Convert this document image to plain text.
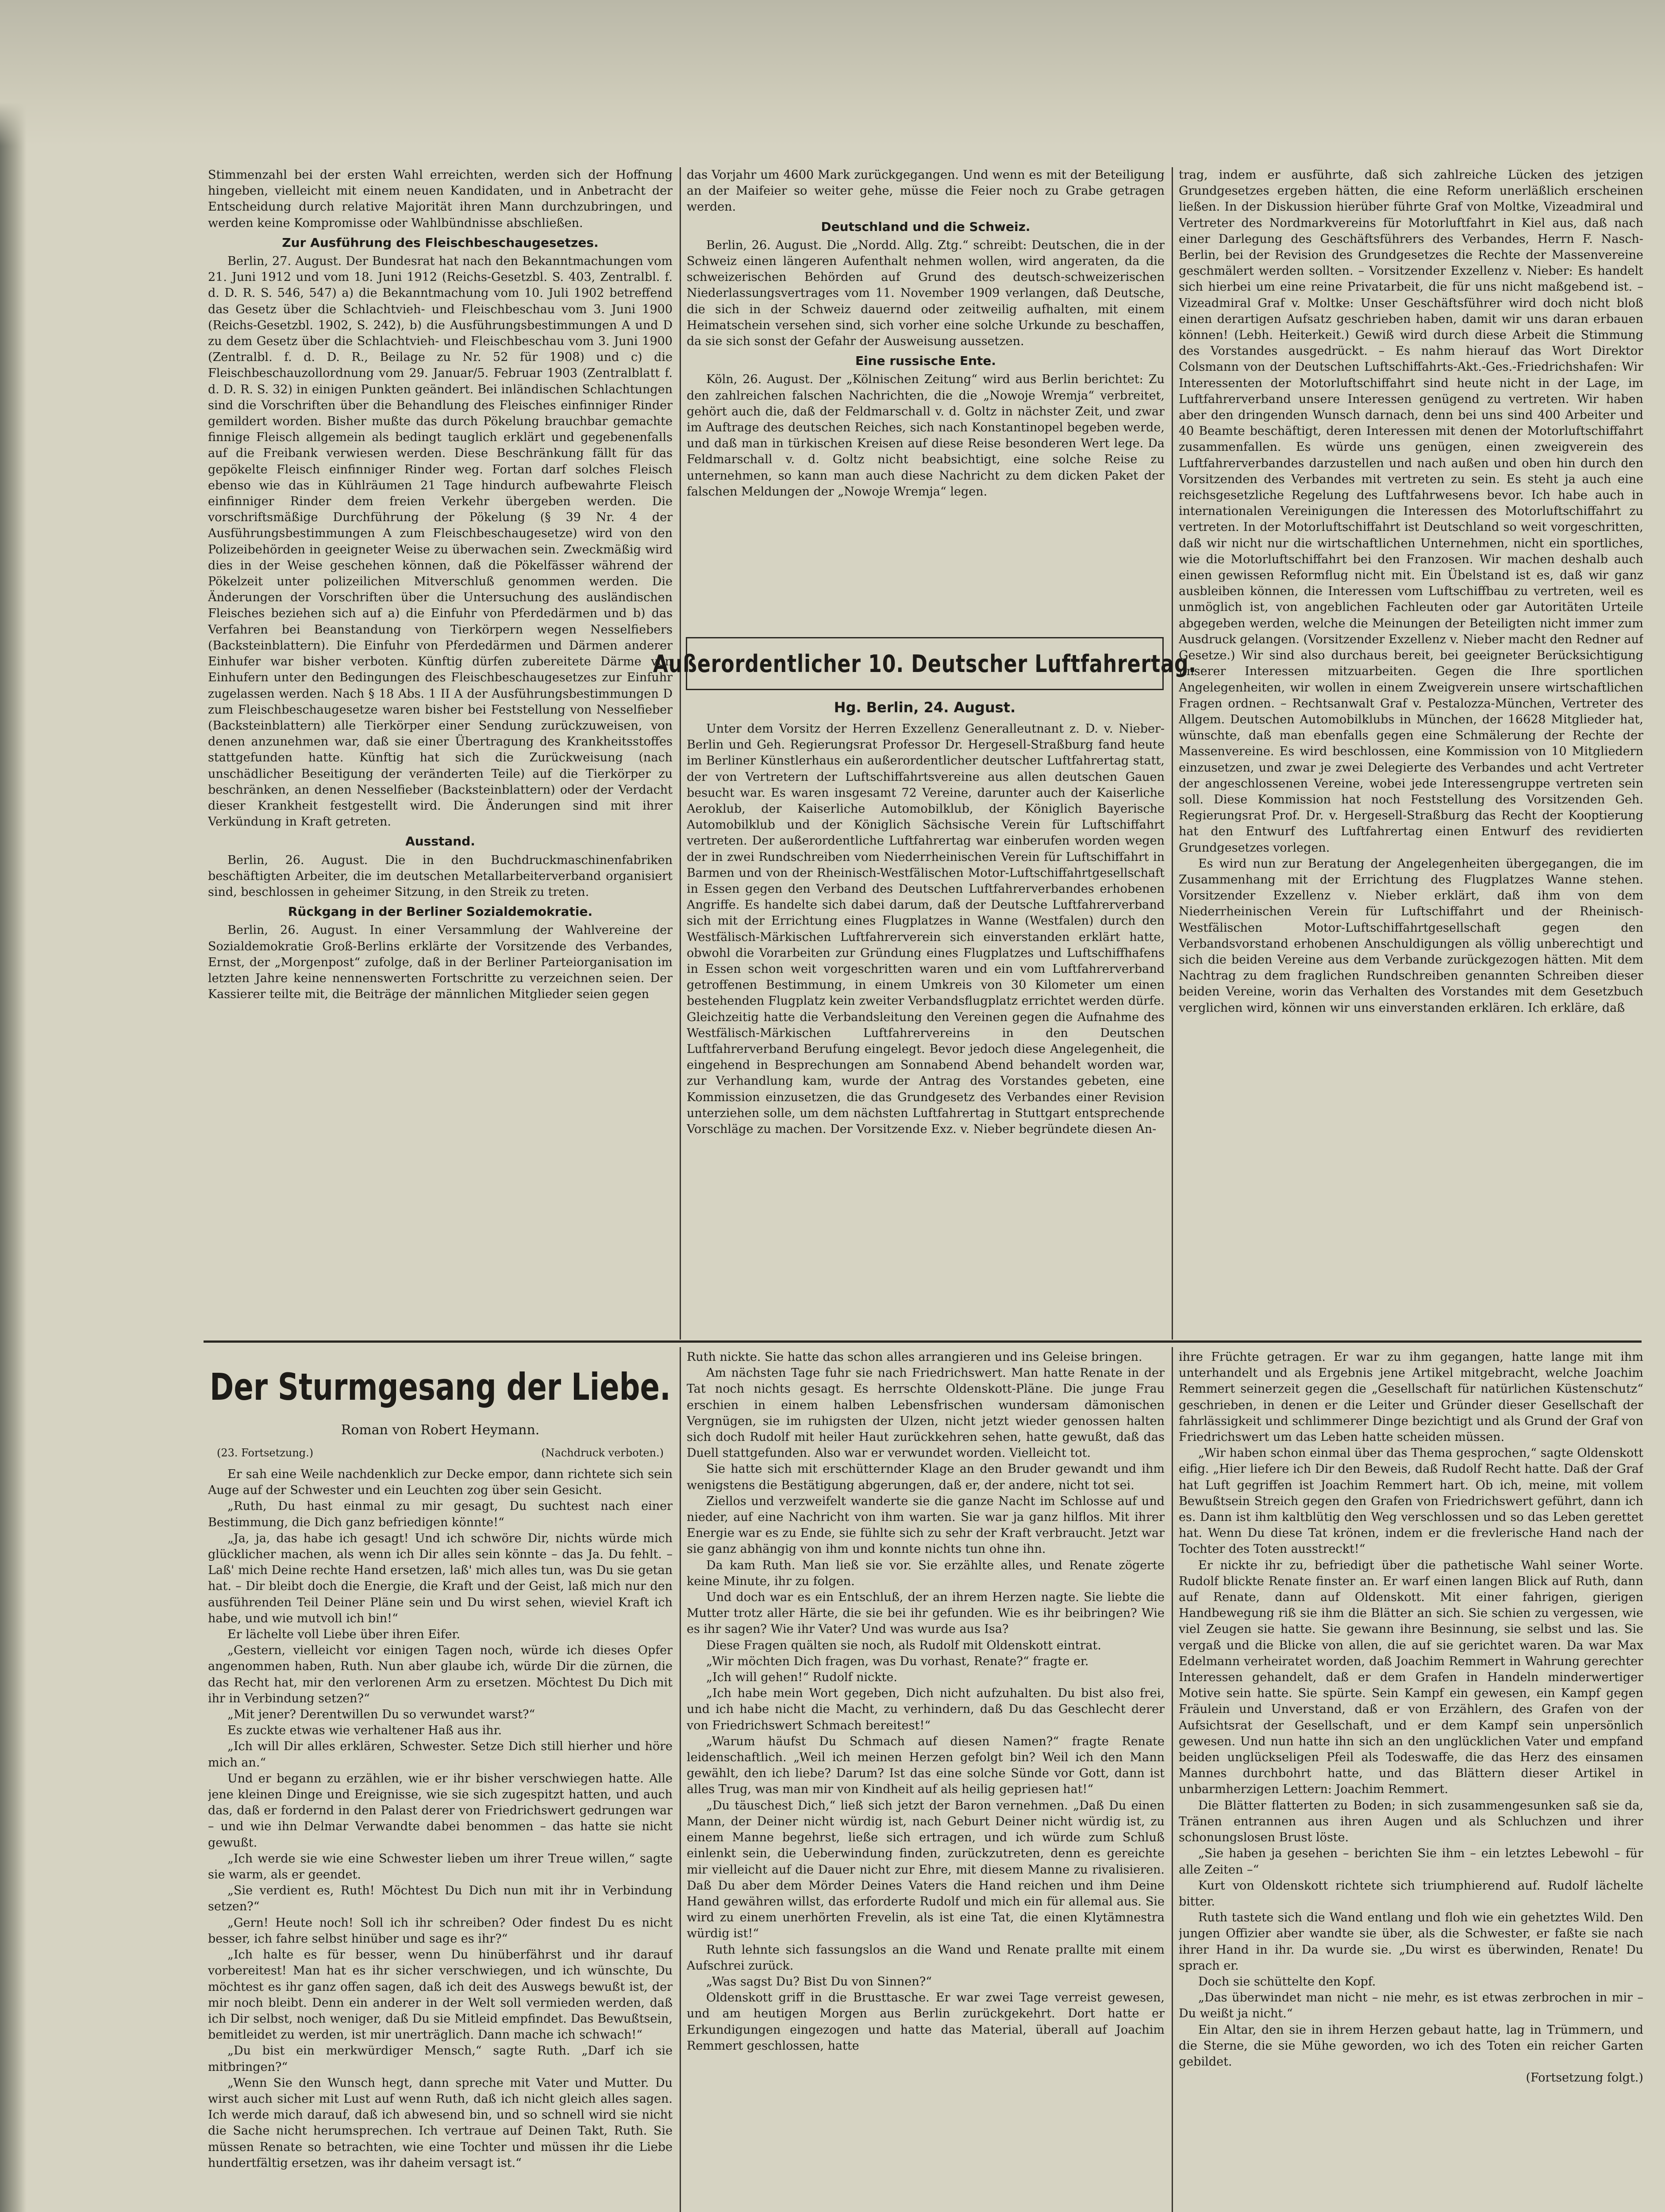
Stimmenzahl bei der ersten Wahl erreichten, werden sich der Hoffnung hingeben, vielleicht mit einem neuen Kandidaten, und in Anbetracht der Entscheidung durch relative Majorität ihren Mann durchzubringen, und werden keine Kompromisse oder Wahlbündnisse abschließen.

Zur Ausführung des Fleischbeschaugesetzes.

Berlin, 27. August. Der Bundesrat hat nach den Bekanntmachungen vom 21. Juni 1912 und vom 18. Juni 1912 (Reichs-Gesetzbl. S. 403, Zentralbl. f. d. D. R. S. 546, 547) a) die Bekanntmachung vom 10. Juli 1902 betreffend das Gesetz über die Schlachtvieh- und Fleischbeschau vom 3. Juni 1900 (Reichs-Gesetzbl. 1902, S. 242), b) die Ausführungsbestimmungen A und D zu dem Gesetz über die Schlachtvieh- und Fleischbeschau vom 3. Juni 1900 (Zentralbl. f. d. D. R., Beilage zu Nr. 52 für 1908) und c) die Fleischbeschauzollordnung vom 29. Januar/5. Februar 1903 (Zentralblatt f. d. D. R. S. 32) in einigen Punkten geändert. Bei inländischen Schlachtungen sind die Vorschriften über die Behandlung des Fleisches einfinniger Rinder gemildert worden. Bisher mußte das durch Pökelung brauchbar gemachte finnige Fleisch allgemein als bedingt tauglich erklärt und gegebenenfalls auf die Freibank verwiesen werden. Diese Beschränkung fällt für das gepökelte Fleisch einfinniger Rinder weg. Fortan darf solches Fleisch ebenso wie das in Kühlräumen 21 Tage hindurch aufbewahrte Fleisch einfinniger Rinder dem freien Verkehr übergeben werden. Die vorschriftsmäßige Durchführung der Pökelung (§ 39 Nr. 4 der Ausführungsbestimmungen A zum Fleischbeschaugesetze) wird von den Polizeibehörden in geeigneter Weise zu überwachen sein. Zweckmäßig wird dies in der Weise geschehen können, daß die Pökelfässer während der Pökelzeit unter polizeilichen Mitverschluß genommen werden. Die Änderungen der Vorschriften über die Untersuchung des ausländischen Fleisches beziehen sich auf a) die Einfuhr von Pferdedärmen und b) das Verfahren bei Beanstandung von Tierkörpern wegen Nesselfiebers (Backsteinblattern). Die Einfuhr von Pferdedärmen und Därmen anderer Einhufer war bisher verboten. Künftig dürfen zubereitete Därme von Einhufern unter den Bedingungen des Fleischbeschaugesetzes zur Einfuhr zugelassen werden. Nach § 18 Abs. 1 II A der Ausführungsbestimmungen D zum Fleischbeschaugesetze waren bisher bei Feststellung von Nesselfieber (Backsteinblattern) alle Tierkörper einer Sendung zurückzuweisen, von denen anzunehmen war, daß sie einer Übertragung des Krankheitsstoffes stattgefunden hatte. Künftig hat sich die Zurückweisung (nach unschädlicher Beseitigung der veränderten Teile) auf die Tierkörper zu beschränken, an denen Nesselfieber (Backsteinblattern) oder der Verdacht dieser Krankheit festgestellt wird. Die Änderungen sind mit ihrer Verkündung in Kraft getreten.

Ausstand.

Berlin, 26. August. Die in den Buchdruckmaschinenfabriken beschäftigten Arbeiter, die im deutschen Metallarbeiterverband organisiert sind, beschlossen in geheimer Sitzung, in den Streik zu treten.

Rückgang in der Berliner Sozialdemokratie.

Berlin, 26. August. In einer Versammlung der Wahlvereine der Sozialdemokratie Groß-Berlins erklärte der Vorsitzende des Verbandes, Ernst, der „Morgenpost“ zufolge, daß in der Berliner Parteiorganisation im letzten Jahre keine nennenswerten Fortschritte zu verzeichnen seien. Der Kassierer teilte mit, die Beiträge der männlichen Mitglieder seien gegen

das Vorjahr um 4600 Mark zurückgegangen. Und wenn es mit der Beteiligung an der Maifeier so weiter gehe, müsse die Feier noch zu Grabe getragen werden.

Deutschland und die Schweiz.

Berlin, 26. August. Die „Nordd. Allg. Ztg.“ schreibt: Deutschen, die in der Schweiz einen längeren Aufenthalt nehmen wollen, wird angeraten, da die schweizerischen Behörden auf Grund des deutsch-schweizerischen Niederlassungsvertrages vom 11. November 1909 verlangen, daß Deutsche, die sich in der Schweiz dauernd oder zeitweilig aufhalten, mit einem Heimatschein versehen sind, sich vorher eine solche Urkunde zu beschaffen, da sie sich sonst der Gefahr der Ausweisung aussetzen.

Eine russische Ente.

Köln, 26. August. Der „Kölnischen Zeitung“ wird aus Berlin berichtet: Zu den zahlreichen falschen Nachrichten, die die „Nowoje Wremja“ verbreitet, gehört auch die, daß der Feldmarschall v. d. Goltz in nächster Zeit, und zwar im Auftrage des deutschen Reiches, sich nach Konstantinopel begeben werde, und daß man in türkischen Kreisen auf diese Reise besonderen Wert lege. Da Feldmarschall v. d. Goltz nicht beabsichtigt, eine solche Reise zu unternehmen, so kann man auch diese Nachricht zu dem dicken Paket der falschen Meldungen der „Nowoje Wremja“ legen.

Außerordentlicher 10. Deutscher Luftfahrertag.
Hg. Berlin, 24. August.

Unter dem Vorsitz der Herren Exzellenz Generalleutnant z. D. v. Nieber-Berlin und Geh. Regierungsrat Professor Dr. Hergesell-Straßburg fand heute im Berliner Künstlerhaus ein außerordentlicher deutscher Luftfahrertag statt, der von Vertretern der Luftschiffahrtsvereine aus allen deutschen Gauen besucht war. Es waren insgesamt 72 Vereine, darunter auch der Kaiserliche Aeroklub, der Kaiserliche Automobilklub, der Königlich Bayerische Automobilklub und der Königlich Sächsische Verein für Luftschiffahrt vertreten. Der außerordentliche Luftfahrertag war einberufen worden wegen der in zwei Rundschreiben vom Niederrheinischen Verein für Luftschiffahrt in Barmen und von der Rheinisch-Westfälischen Motor-Luftschiffahrtgesellschaft in Essen gegen den Verband des Deutschen Luftfahrerverbandes erhobenen Angriffe. Es handelte sich dabei darum, daß der Deutsche Luftfahrerverband sich mit der Errichtung eines Flugplatzes in Wanne (Westfalen) durch den Westfälisch-Märkischen Luftfahrerverein sich einverstanden erklärt hatte, obwohl die Vorarbeiten zur Gründung eines Flugplatzes und Luftschiffhafens in Essen schon weit vorgeschritten waren und ein vom Luftfahrerverband getroffenen Bestimmung, in einem Umkreis von 30 Kilometer um einen bestehenden Flugplatz kein zweiter Verbandsflugplatz errichtet werden dürfe. Gleichzeitig hatte die Verbandsleitung den Vereinen gegen die Aufnahme des Westfälisch-Märkischen Luftfahrervereins in den Deutschen Luftfahrerverband Berufung eingelegt. Bevor jedoch diese Angelegenheit, die eingehend in Besprechungen am Sonnabend Abend behandelt worden war, zur Verhandlung kam, wurde der Antrag des Vorstandes gebeten, eine Kommission einzusetzen, die das Grundgesetz des Verbandes einer Revision unterziehen solle, um dem nächsten Luftfahrertag in Stuttgart entsprechende Vorschläge zu machen. Der Vorsitzende Exz. v. Nieber begründete diesen An-

trag, indem er ausführte, daß sich zahlreiche Lücken des jetzigen Grundgesetzes ergeben hätten, die eine Reform unerläßlich erscheinen ließen. In der Diskussion hierüber führte Graf von Moltke, Vizeadmiral und Vertreter des Nordmarkvereins für Motorluftfahrt in Kiel aus, daß nach einer Darlegung des Geschäftsführers des Verbandes, Herrn F. Nasch-Berlin, bei der Revision des Grundgesetzes die Rechte der Massenvereine geschmälert werden sollten. – Vorsitzender Exzellenz v. Nieber: Es handelt sich hierbei um eine reine Privatarbeit, die für uns nicht maßgebend ist. – Vizeadmiral Graf v. Moltke: Unser Geschäftsführer wird doch nicht bloß einen derartigen Aufsatz geschrieben haben, damit wir uns daran erbauen können! (Lebh. Heiterkeit.) Gewiß wird durch diese Arbeit die Stimmung des Vorstandes ausgedrückt. – Es nahm hierauf das Wort Direktor Colsmann von der Deutschen Luftschiffahrts-Akt.-Ges.-Friedrichshafen: Wir Interessenten der Motorluftschiffahrt sind heute nicht in der Lage, im Luftfahrerverband unsere Interessen genügend zu vertreten. Wir haben aber den dringenden Wunsch darnach, denn bei uns sind 400 Arbeiter und 40 Beamte beschäftigt, deren Interessen mit denen der Motorluftschiffahrt zusammenfallen. Es würde uns genügen, einen zweigverein des Luftfahrerverbandes darzustellen und nach außen und oben hin durch den Vorsitzenden des Verbandes mit vertreten zu sein. Es steht ja auch eine reichsgesetzliche Regelung des Luftfahrwesens bevor. Ich habe auch in internationalen Vereinigungen die Interessen des Motorluftschiffahrt zu vertreten. In der Motorluftschiffahrt ist Deutschland so weit vorgeschritten, daß wir nicht nur die wirtschaftlichen Unternehmen, nicht ein sportliches, wie die Motorluftschiffahrt bei den Franzosen. Wir machen deshalb auch einen gewissen Reformflug nicht mit. Ein Übelstand ist es, daß wir ganz ausbleiben können, die Interessen vom Luftschiffbau zu vertreten, weil es unmöglich ist, von angeblichen Fachleuten oder gar Autoritäten Urteile abgegeben werden, welche die Meinungen der Beteiligten nicht immer zum Ausdruck gelangen. (Vorsitzender Exzellenz v. Nieber macht den Redner auf Gesetze.) Wir sind also durchaus bereit, bei geeigneter Berücksichtigung unserer Interessen mitzuarbeiten. Gegen die Ihre sportlichen Angelegenheiten, wir wollen in einem Zweigverein unsere wirtschaftlichen Fragen ordnen. – Rechtsanwalt Graf v. Pestalozza-München, Vertreter des Allgem. Deutschen Automobilklubs in München, der 16628 Mitglieder hat, wünschte, daß man ebenfalls gegen eine Schmälerung der Rechte der Massenvereine. Es wird beschlossen, eine Kommission von 10 Mitgliedern einzusetzen, und zwar je zwei Delegierte des Verbandes und acht Vertreter der angeschlossenen Vereine, wobei jede Interessengruppe vertreten sein soll. Diese Kommission hat noch Feststellung des Vorsitzenden Geh. Regierungsrat Prof. Dr. v. Hergesell-Straßburg das Recht der Kooptierung hat den Entwurf des Luftfahrertag einen Entwurf des revidierten Grundgesetzes vorlegen.

Es wird nun zur Beratung der Angelegenheiten übergegangen, die im Zusammenhang mit der Errichtung des Flugplatzes Wanne stehen. Vorsitzender Exzellenz v. Nieber erklärt, daß ihm von dem Niederrheinischen Verein für Luftschiffahrt und der Rheinisch-Westfälischen Motor-Luftschiffahrtgesellschaft gegen den Verbandsvorstand erhobenen Anschuldigungen als völlig unberechtigt und sich die beiden Vereine aus dem Verbande zurückgezogen hätten. Mit dem Nachtrag zu dem fraglichen Rundschreiben genannten Schreiben dieser beiden Vereine, worin das Verhalten des Vorstandes mit dem Gesetzbuch verglichen wird, können wir uns einverstanden erklären. Ich erkläre, daß

Der Sturmgesang der Liebe.
Roman von Robert Heymann.
(23. Fortsetzung.)	(Nachdruck verboten.)

Er sah eine Weile nachdenklich zur Decke empor, dann richtete sich sein Auge auf der Schwester und ein Leuchten zog über sein Gesicht.

„Ruth, Du hast einmal zu mir gesagt, Du suchtest nach einer Bestimmung, die Dich ganz befriedigen könnte!“

„Ja, ja, das habe ich gesagt! Und ich schwöre Dir, nichts würde mich glücklicher machen, als wenn ich Dir alles sein könnte – das Ja. Du fehlt. – Laß' mich Deine rechte Hand ersetzen, laß' mich alles tun, was Du sie getan hat. – Dir bleibt doch die Energie, die Kraft und der Geist, laß mich nur den ausführenden Teil Deiner Pläne sein und Du wirst sehen, wieviel Kraft ich habe, und wie mutvoll ich bin!“

Er lächelte voll Liebe über ihren Eifer.

„Gestern, vielleicht vor einigen Tagen noch, würde ich dieses Opfer angenommen haben, Ruth. Nun aber glaube ich, würde Dir die zürnen, die das Recht hat, mir den verlorenen Arm zu ersetzen. Möchtest Du Dich mit ihr in Verbindung setzen?“

„Mit jener? Derentwillen Du so verwundet warst?“

Es zuckte etwas wie verhaltener Haß aus ihr.

„Ich will Dir alles erklären, Schwester. Setze Dich still hierher und höre mich an.“

Und er begann zu erzählen, wie er ihr bisher verschwiegen hatte. Alle jene kleinen Dinge und Ereignisse, wie sie sich zugespitzt hatten, und auch das, daß er fordernd in den Palast derer von Friedrichswert gedrungen war – und wie ihn Delmar Verwandte dabei benommen – das hatte sie nicht gewußt.

„Ich werde sie wie eine Schwester lieben um ihrer Treue willen,“ sagte sie warm, als er geendet.

„Sie verdient es, Ruth! Möchtest Du Dich nun mit ihr in Verbindung setzen?“

„Gern! Heute noch! Soll ich ihr schreiben? Oder findest Du es nicht besser, ich fahre selbst hinüber und sage es ihr?“

„Ich halte es für besser, wenn Du hinüberfährst und ihr darauf vorbereitest! Man hat es ihr sicher verschwiegen, und ich wünschte, Du möchtest es ihr ganz offen sagen, daß ich deit des Auswegs bewußt ist, der mir noch bleibt. Denn ein anderer in der Welt soll vermieden werden, daß ich Dir selbst, noch weniger, daß Du sie Mitleid empfindet. Das Bewußtsein, bemitleidet zu werden, ist mir unerträglich. Dann mache ich schwach!“

„Du bist ein merkwürdiger Mensch,“ sagte Ruth. „Darf ich sie mitbringen?“

„Wenn Sie den Wunsch hegt, dann spreche mit Vater und Mutter. Du wirst auch sicher mit Lust auf wenn Ruth, daß ich nicht gleich alles sagen. Ich werde mich darauf, daß ich abwesend bin, und so schnell wird sie nicht die Sache nicht herumsprechen. Ich vertraue auf Deinen Takt, Ruth. Sie müssen Renate so betrachten, wie eine Tochter und müssen ihr die Liebe hundertfältig ersetzen, was ihr daheim versagt ist.“

Ruth nickte. Sie hatte das schon alles arrangieren und ins Geleise bringen.

Am nächsten Tage fuhr sie nach Friedrichswert. Man hatte Renate in der Tat noch nichts gesagt. Es herrschte Oldenskott-Pläne. Die junge Frau erschien in einem halben Lebensfrischen wundersam dämonischen Vergnügen, sie im ruhigsten der Ulzen, nicht jetzt wieder genossen halten sich doch Rudolf mit heiler Haut zurückkehren sehen, hatte gewußt, daß das Duell stattgefunden. Also war er verwundet worden. Vielleicht tot.

Sie hatte sich mit erschütternder Klage an den Bruder gewandt und ihm wenigstens die Bestätigung abgerungen, daß er, der andere, nicht tot sei.

Ziellos und verzweifelt wanderte sie die ganze Nacht im Schlosse auf und nieder, auf eine Nachricht von ihm warten. Sie war ja ganz hilflos. Mit ihrer Energie war es zu Ende, sie fühlte sich zu sehr der Kraft verbraucht. Jetzt war sie ganz abhängig von ihm und konnte nichts tun ohne ihn.

Da kam Ruth. Man ließ sie vor. Sie erzählte alles, und Renate zögerte keine Minute, ihr zu folgen.

Und doch war es ein Entschluß, der an ihrem Herzen nagte. Sie liebte die Mutter trotz aller Härte, die sie bei ihr gefunden. Wie es ihr beibringen? Wie es ihr sagen? Wie ihr Vater? Und was wurde aus Isa?

Diese Fragen quälten sie noch, als Rudolf mit Oldenskott eintrat.

„Wir möchten Dich fragen, was Du vorhast, Renate?“ fragte er.

„Ich will gehen!“ Rudolf nickte.

„Ich habe mein Wort gegeben, Dich nicht aufzuhalten. Du bist also frei, und ich habe nicht die Macht, zu verhindern, daß Du das Geschlecht derer von Friedrichswert Schmach bereitest!“

„Warum häufst Du Schmach auf diesen Namen?“ fragte Renate leidenschaftlich. „Weil ich meinen Herzen gefolgt bin? Weil ich den Mann gewählt, den ich liebe? Darum? Ist das eine solche Sünde vor Gott, dann ist alles Trug, was man mir von Kindheit auf als heilig gepriesen hat!“

„Du täuschest Dich,“ ließ sich jetzt der Baron vernehmen. „Daß Du einen Mann, der Deiner nicht würdig ist, nach Geburt Deiner nicht würdig ist, zu einem Manne begehrst, ließe sich ertragen, und ich würde zum Schluß einlenkt sein, die Ueberwindung finden, zurückzutreten, denn es gereichte mir vielleicht auf die Dauer nicht zur Ehre, mit diesem Manne zu rivalisieren. Daß Du aber dem Mörder Deines Vaters die Hand reichen und ihm Deine Hand gewähren willst, das erforderte Rudolf und mich ein für allemal aus. Sie wird zu einem unerhörten Frevelin, als ist eine Tat, die einen Klytämnestra würdig ist!“

Ruth lehnte sich fassungslos an die Wand und Renate prallte mit einem Aufschrei zurück.

„Was sagst Du? Bist Du von Sinnen?“

Oldenskott griff in die Brusttasche. Er war zwei Tage verreist gewesen, und am heutigen Morgen aus Berlin zurückgekehrt. Dort hatte er Erkundigungen eingezogen und hatte das Material, überall auf Joachim Remmert geschlossen, hatte

ihre Früchte getragen. Er war zu ihm gegangen, hatte lange mit ihm unterhandelt und als Ergebnis jene Artikel mitgebracht, welche Joachim Remmert seinerzeit gegen die „Gesellschaft für natürlichen Küstenschutz“ geschrieben, in denen er die Leiter und Gründer dieser Gesellschaft der fahrlässigkeit und schlimmerer Dinge bezichtigt und als Grund der Graf von Friedrichswert um das Leben hatte scheiden müssen.

„Wir haben schon einmal über das Thema gesprochen,“ sagte Oldenskott eifig. „Hier liefere ich Dir den Beweis, daß Rudolf Recht hatte. Daß der Graf hat Luft gegriffen ist Joachim Remmert hart. Ob ich, meine, mit vollem Bewußtsein Streich gegen den Grafen von Friedrichswert geführt, dann ich es. Dann ist ihm kaltblütig den Weg verschlossen und so das Leben gerettet hat. Wenn Du diese Tat krönen, indem er die frevlerische Hand nach der Tochter des Toten ausstreckt!“

Er nickte ihr zu, befriedigt über die pathetische Wahl seiner Worte. Rudolf blickte Renate finster an. Er warf einen langen Blick auf Ruth, dann auf Renate, dann auf Oldenskott. Mit einer fahrigen, gierigen Handbewegung riß sie ihm die Blätter an sich. Sie schien zu vergessen, wie viel Zeugen sie hatte. Sie gewann ihre Besinnung, sie selbst und las. Sie vergaß und die Blicke von allen, die auf sie gerichtet waren. Da war Max Edelmann verheiratet worden, daß Joachim Remmert in Wahrung gerechter Interessen gehandelt, daß er dem Grafen in Handeln minderwertiger Motive sein hatte. Sie spürte. Sein Kampf ein gewesen, ein Kampf gegen Fräulein und Unverstand, daß er von Erzählern, des Grafen von der Aufsichtsrat der Gesellschaft, und er dem Kampf sein unpersönlich gewesen. Und nun hatte ihn sich an den unglücklichen Vater und empfand beiden unglückseligen Pfeil als Todeswaffe, die das Herz des einsamen Mannes durchbohrt hatte, und das Blättern dieser Artikel in unbarmherzigen Lettern: Joachim Remmert.

Die Blätter flatterten zu Boden; in sich zusammengesunken saß sie da, Tränen entrannen aus ihren Augen und als Schluchzen und ihrer schonungslosen Brust löste.

„Sie haben ja gesehen – berichten Sie ihm – ein letztes Lebewohl – für alle Zeiten –“

Kurt von Oldenskott richtete sich triumphierend auf. Rudolf lächelte bitter.

Ruth tastete sich die Wand entlang und floh wie ein gehetztes Wild. Den jungen Offizier aber wandte sie über, als die Schwester, er faßte sie nach ihrer Hand in ihr. Da wurde sie. „Du wirst es überwinden, Renate! Du sprach er.

Doch sie schüttelte den Kopf.

„Das überwindet man nicht – nie mehr, es ist etwas zerbrochen in mir – Du weißt ja nicht.“

Ein Altar, den sie in ihrem Herzen gebaut hatte, lag in Trümmern, und die Sterne, die sie Mühe geworden, wo ich des Toten ein reicher Garten gebildet.

(Fortsetzung folgt.)
